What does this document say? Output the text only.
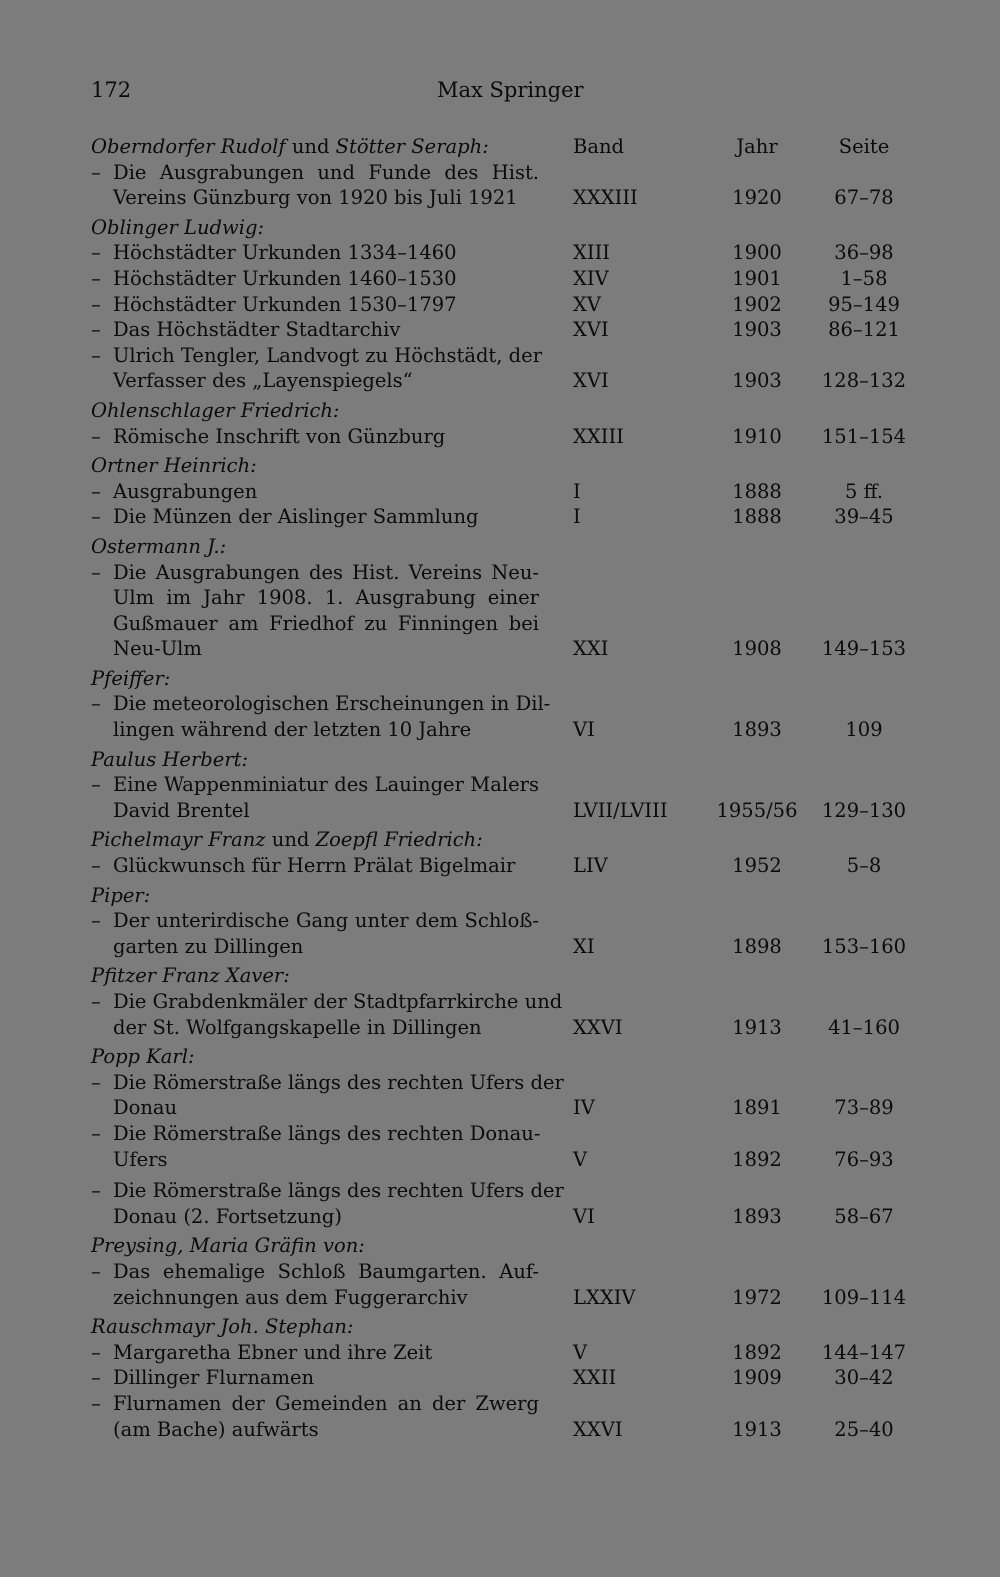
172	Max Springer
Oberndorfer Rudolf und Stötter Seraph:	Band	Jahr	Seite
– Die Ausgrabungen und Funde des Hist.
Vereins Günzburg von 1920 bis Juli 1921	XXXIII	1920	67–78
Oblinger Ludwig:
– Höchstädter Urkunden 1334–1460	XIII	1900	36–98
– Höchstädter Urkunden 1460–1530	XIV	1901	1–58
– Höchstädter Urkunden 1530–1797	XV	1902	95–149
– Das Höchstädter Stadtarchiv	XVI	1903	86–121
– Ulrich Tengler, Landvogt zu Höchstädt, der
Verfasser des „Layenspiegels“	XVI	1903	128–132
Ohlenschlager Friedrich:
– Römische Inschrift von Günzburg	XXIII	1910	151–154
Ortner Heinrich:
– Ausgrabungen	I	1888	5 ff.
– Die Münzen der Aislinger Sammlung	I	1888	39–45
Ostermann J.:
– Die Ausgrabungen des Hist. Vereins Neu-
Ulm im Jahr 1908. 1. Ausgrabung einer
Gußmauer am Friedhof zu Finningen bei
Neu-Ulm	XXI	1908	149–153
Pfeiffer:
– Die meteorologischen Erscheinungen in Dil-
lingen während der letzten 10 Jahre	VI	1893	109
Paulus Herbert:
– Eine Wappenminiatur des Lauinger Malers
David Brentel	LVII/LVIII	1955/56	129–130
Pichelmayr Franz und Zoepfl Friedrich:
– Glückwunsch für Herrn Prälat Bigelmair	LIV	1952	5–8
Piper:
– Der unterirdische Gang unter dem Schloß-
garten zu Dillingen	XI	1898	153–160
Pfitzer Franz Xaver:
– Die Grabdenkmäler der Stadtpfarrkirche und
der St. Wolfgangskapelle in Dillingen	XXVI	1913	41–160
Popp Karl:
– Die Römerstraße längs des rechten Ufers der
Donau	IV	1891	73–89
– Die Römerstraße längs des rechten Donau-
Ufers	V	1892	76–93
– Die Römerstraße längs des rechten Ufers der
Donau (2. Fortsetzung)	VI	1893	58–67
Preysing, Maria Gräfin von:
– Das ehemalige Schloß Baumgarten. Auf-
zeichnungen aus dem Fuggerarchiv	LXXIV	1972	109–114
Rauschmayr Joh. Stephan:
– Margaretha Ebner und ihre Zeit	V	1892	144–147
– Dillinger Flurnamen	XXII	1909	30–42
– Flurnamen der Gemeinden an der Zwerg
(am Bache) aufwärts	XXVI	1913	25–40
